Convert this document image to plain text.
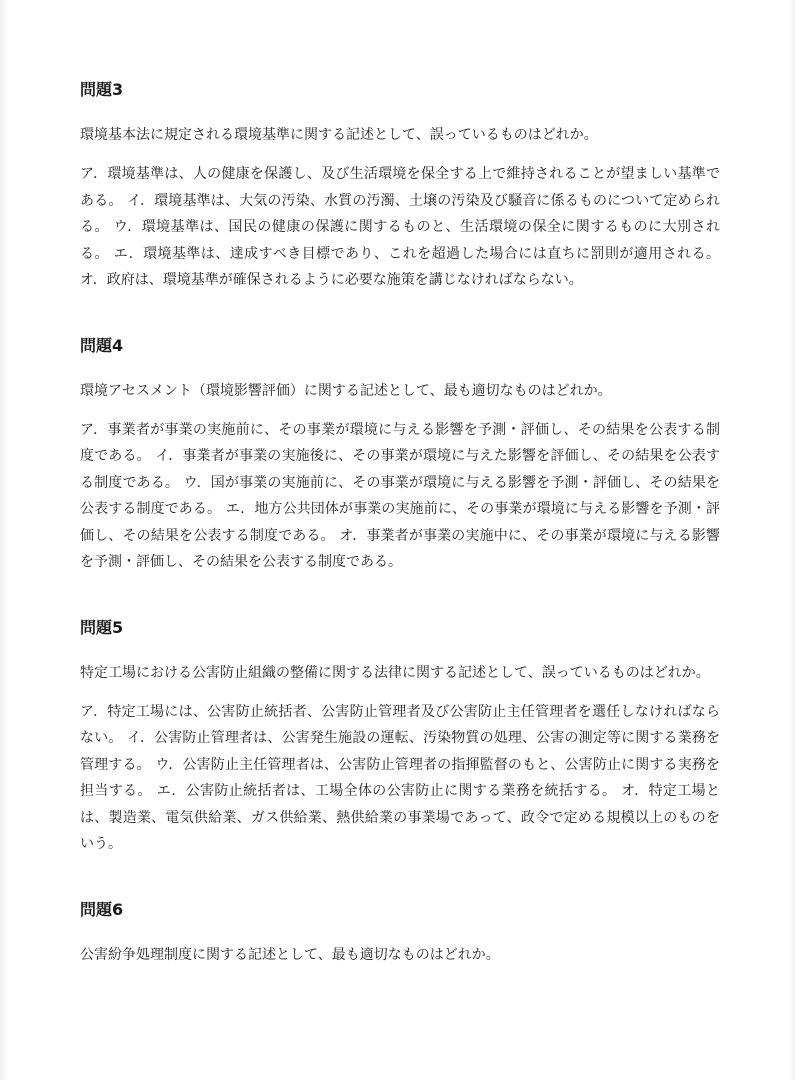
問題3

環境基本法に規定される環境基準に関する記述として、誤っているものはどれか。

ア．環境基準は、人の健康を保護し、及び生活環境を保全する上で維持されることが望ましい基準である。 イ．環境基準は、大気の汚染、水質の汚濁、土壌の汚染及び騒音に係るものについて定められる。 ウ．環境基準は、国民の健康の保護に関するものと、生活環境の保全に関するものに大別される。 エ．環境基準は、達成すべき目標であり、これを超過した場合には直ちに罰則が適用される。 オ．政府は、環境基準が確保されるように必要な施策を講じなければならない。

問題4

環境アセスメント（環境影響評価）に関する記述として、最も適切なものはどれか。

ア．事業者が事業の実施前に、その事業が環境に与える影響を予測・評価し、その結果を公表する制度である。 イ．事業者が事業の実施後に、その事業が環境に与えた影響を評価し、その結果を公表する制度である。 ウ．国が事業の実施前に、その事業が環境に与える影響を予測・評価し、その結果を公表する制度である。 エ．地方公共団体が事業の実施前に、その事業が環境に与える影響を予測・評価し、その結果を公表する制度である。 オ．事業者が事業の実施中に、その事業が環境に与える影響を予測・評価し、その結果を公表する制度である。

問題5

特定工場における公害防止組織の整備に関する法律に関する記述として、誤っているものはどれか。

ア．特定工場には、公害防止統括者、公害防止管理者及び公害防止主任管理者を選任しなければならない。 イ．公害防止管理者は、公害発生施設の運転、汚染物質の処理、公害の測定等に関する業務を管理する。 ウ．公害防止主任管理者は、公害防止管理者の指揮監督のもと、公害防止に関する実務を担当する。 エ．公害防止統括者は、工場全体の公害防止に関する業務を統括する。 オ．特定工場とは、製造業、電気供給業、ガス供給業、熱供給業の事業場であって、政令で定める規模以上のものをいう。

問題6

公害紛争処理制度に関する記述として、最も適切なものはどれか。
